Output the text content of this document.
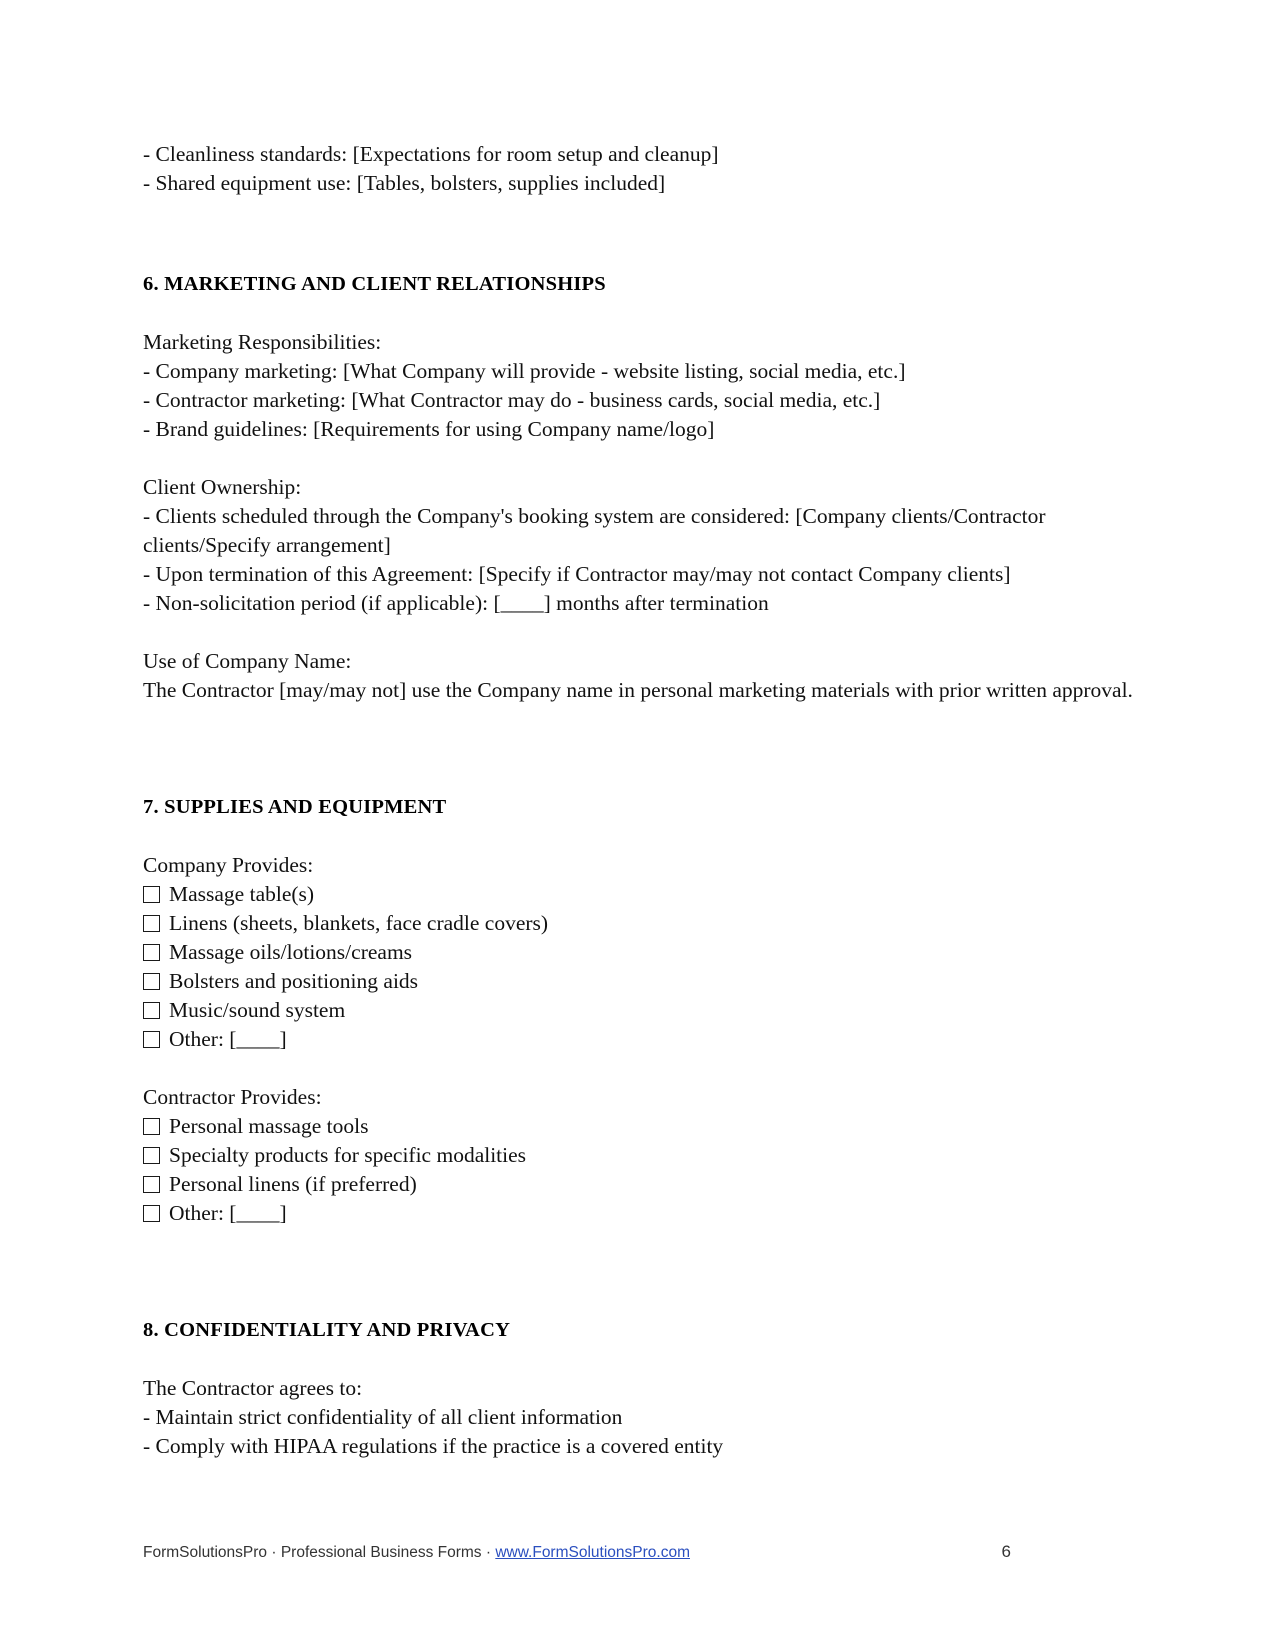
- Cleanliness standards: [Expectations for room setup and cleanup]

- Shared equipment use: [Tables, bolsters, supplies included]

6. MARKETING AND CLIENT RELATIONSHIPS

Marketing Responsibilities:

- Company marketing: [What Company will provide - website listing, social media, etc.]

- Contractor marketing: [What Contractor may do - business cards, social media, etc.]

- Brand guidelines: [Requirements for using Company name/logo]

Client Ownership:

- Clients scheduled through the Company's booking system are considered: [Company clients/Contractor clients/Specify arrangement]

- Upon termination of this Agreement: [Specify if Contractor may/may not contact Company clients]

- Non-solicitation period (if applicable): [____] months after termination

Use of Company Name:

The Contractor [may/may not] use the Company name in personal marketing materials with prior written approval.

7. SUPPLIES AND EQUIPMENT

Company Provides:

Massage table(s)
Linens (sheets, blankets, face cradle covers)
Massage oils/lotions/creams
Bolsters and positioning aids
Music/sound system
Other: [____]

Contractor Provides:

Personal massage tools
Specialty products for specific modalities
Personal linens (if preferred)
Other: [____]
8. CONFIDENTIALITY AND PRIVACY

The Contractor agrees to:

- Maintain strict confidentiality of all client information

- Comply with HIPAA regulations if the practice is a covered entity

FormSolutionsPro · Professional Business Forms · www.FormSolutionsPro.com	6
